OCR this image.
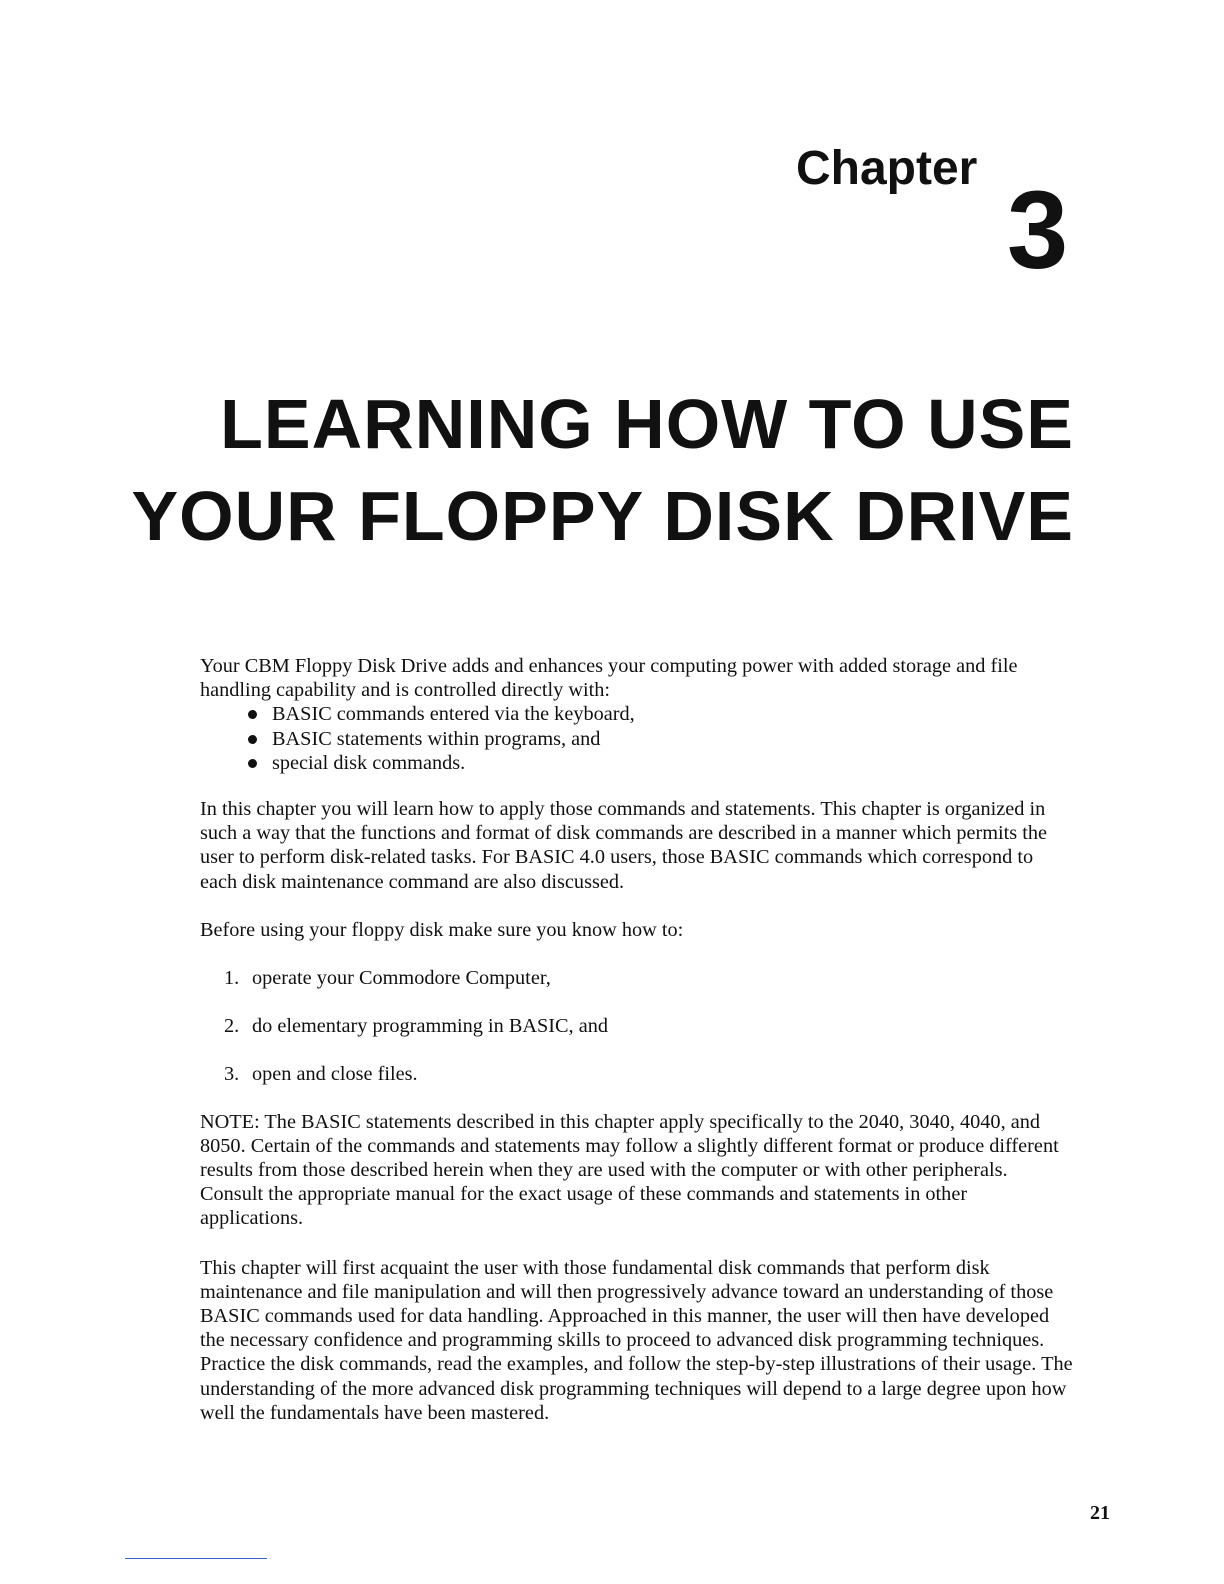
Chapter
3
LEARNING HOW TO USE
YOUR FLOPPY DISK DRIVE

Your CBM Floppy Disk Drive adds and enhances your computing power with added storage and file handling capability and is controlled directly with:

BASIC commands entered via the keyboard,
BASIC statements within programs, and
special disk commands.

In this chapter you will learn how to apply those commands and statements. This chapter is organized in such a way that the functions and format of disk commands are described in a manner which permits the user to perform disk-related tasks. For BASIC 4.0 users, those BASIC commands which correspond to each disk maintenance command are also discussed.

Before using your floppy disk make sure you know how to:

1. operate your Commodore Computer,
2. do elementary programming in BASIC, and
3. open and close files.

NOTE: The BASIC statements described in this chapter apply specifically to the 2040, 3040, 4040, and 8050. Certain of the commands and statements may follow a slightly different format or produce different results from those described herein when they are used with the computer or with other peripherals. Consult the appropriate manual for the exact usage of these commands and statements in other applications.

This chapter will first acquaint the user with those fundamental disk commands that perform disk maintenance and file manipulation and will then progressively advance toward an understanding of those BASIC commands used for data handling. Approached in this manner, the user will then have developed the necessary confidence and programming skills to proceed to advanced disk programming techniques. Practice the disk commands, read the examples, and follow the step-by-step illustrations of their usage. The understanding of the more advanced disk programming techniques will depend to a large degree upon how well the fundamentals have been mastered.

21
